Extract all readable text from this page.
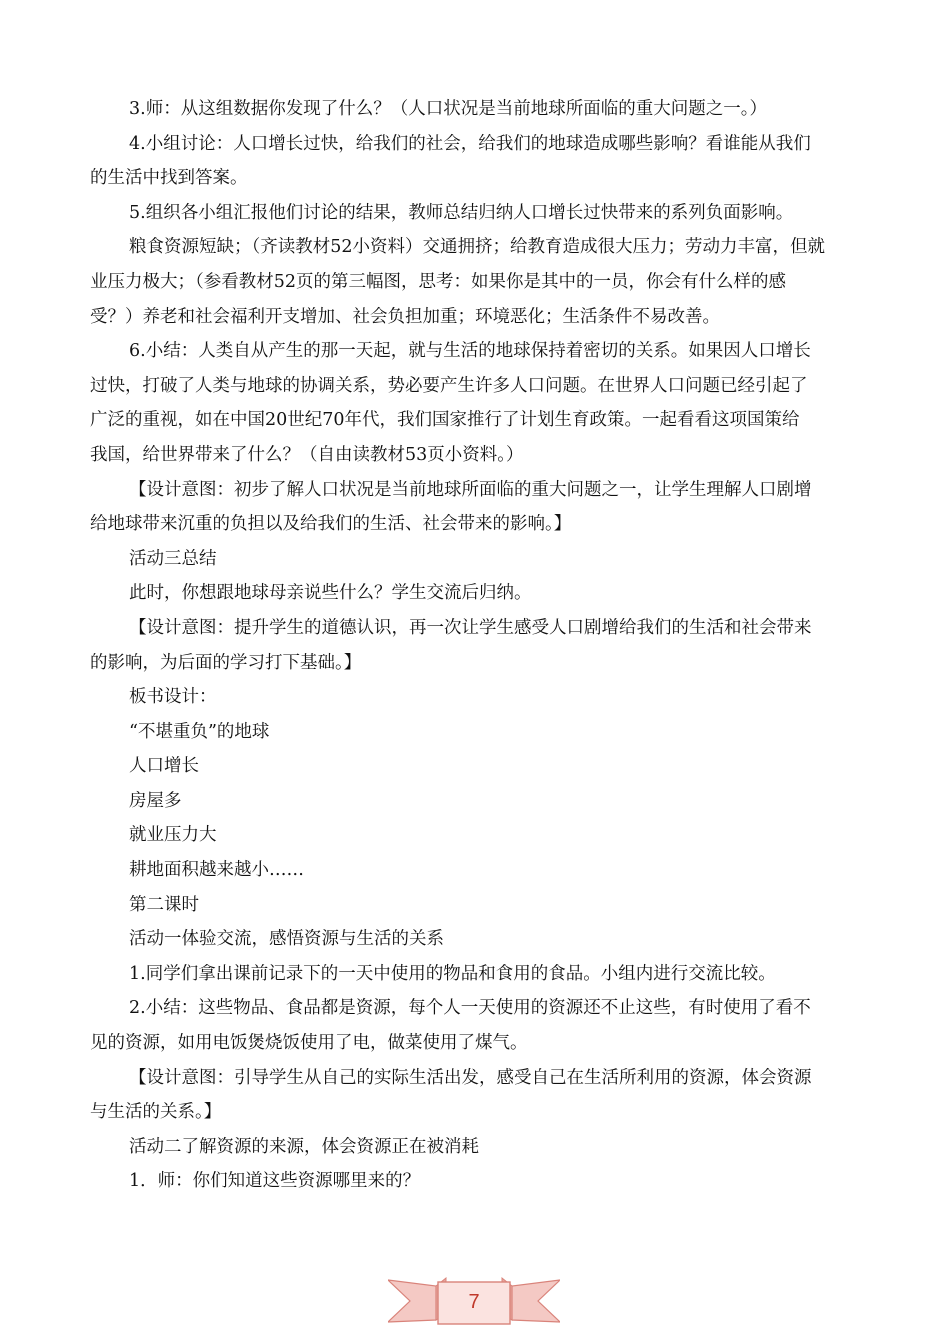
3.师：从这组数据你发现了什么？（人口状况是当前地球所面临的重大问题之一。）
4.小组讨论：人口增长过快，给我们的社会，给我们的地球造成哪些影响？看谁能从我们
的生活中找到答案。
5.组织各小组汇报他们讨论的结果，教师总结归纳人口增长过快带来的系列负面影响。
粮食资源短缺；（齐读教材52小资料）交通拥挤；给教育造成很大压力；劳动力丰富，但就
业压力极大；（参看教材52页的第三幅图，思考：如果你是其中的一员，你会有什么样的感
受？）养老和社会福利开支增加、社会负担加重；环境恶化；生活条件不易改善。
6.小结：人类自从产生的那一天起，就与生活的地球保持着密切的关系。如果因人口增长
过快，打破了人类与地球的协调关系，势必要产生许多人口问题。在世界人口问题已经引起了
广泛的重视，如在中国20世纪70年代，我们国家推行了计划生育政策。一起看看这项国策给
我国，给世界带来了什么？（自由读教材53页小资料。）
【设计意图：初步了解人口状况是当前地球所面临的重大问题之一，让学生理解人口剧增
给地球带来沉重的负担以及给我们的生活、社会带来的影响。】
活动三总结
此时，你想跟地球母亲说些什么？学生交流后归纳。
【设计意图：提升学生的道德认识，再一次让学生感受人口剧增给我们的生活和社会带来
的影响，为后面的学习打下基础。】
板书设计：
“不堪重负”的地球
人口增长
房屋多
就业压力大
耕地面积越来越小……
第二课时
活动一体验交流，感悟资源与生活的关系
1.同学们拿出课前记录下的一天中使用的物品和食用的食品。小组内进行交流比较。
2.小结：这些物品、食品都是资源，每个人一天使用的资源还不止这些，有时使用了看不
见的资源，如用电饭煲烧饭使用了电，做菜使用了煤气。
【设计意图：引导学生从自己的实际生活出发，感受自己在生活所利用的资源，体会资源
与生活的关系。】
活动二了解资源的来源，体会资源正在被消耗
1．师：你们知道这些资源哪里来的？
7
